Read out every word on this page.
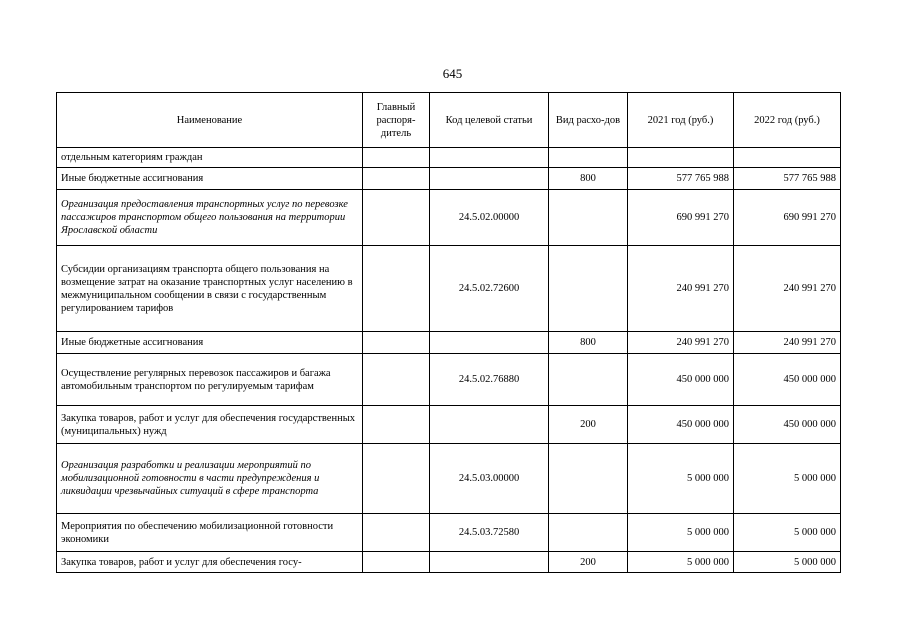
645
Наименование	Главный распоря-дитель	Код целевой статьи	Вид расхо-дов	2021 год (руб.)	2022 год (руб.)
отдельным категориям граждан					
Иные бюджетные ассигнования			800	577 765 988	577 765 988
Организация предоставления транспортных услуг по перевозке пассажиров транспортом общего пользования на территории Ярославской области		24.5.02.00000		690 991 270	690 991 270
Субсидии организациям транспорта общего пользования на возмещение затрат на оказание транспортных услуг населению в межмуниципальном сообщении в связи с государственным регулированием тарифов		24.5.02.72600		240 991 270	240 991 270
Иные бюджетные ассигнования			800	240 991 270	240 991 270
Осуществление регулярных перевозок пассажиров и багажа автомобильным транспортом по регулируемым тарифам		24.5.02.76880		450 000 000	450 000 000
Закупка товаров, работ и услуг для обеспечения государственных (муниципальных) нужд			200	450 000 000	450 000 000
Организация разработки и реализации мероприятий по мобилизационной готовности в части предупреждения и ликвидации чрезвычайных ситуаций в сфере транспорта		24.5.03.00000		5 000 000	5 000 000
Мероприятия по обеспечению мобилизационной готовности экономики		24.5.03.72580		5 000 000	5 000 000
Закупка товаров, работ и услуг для обеспечения госу-			200	5 000 000	5 000 000
